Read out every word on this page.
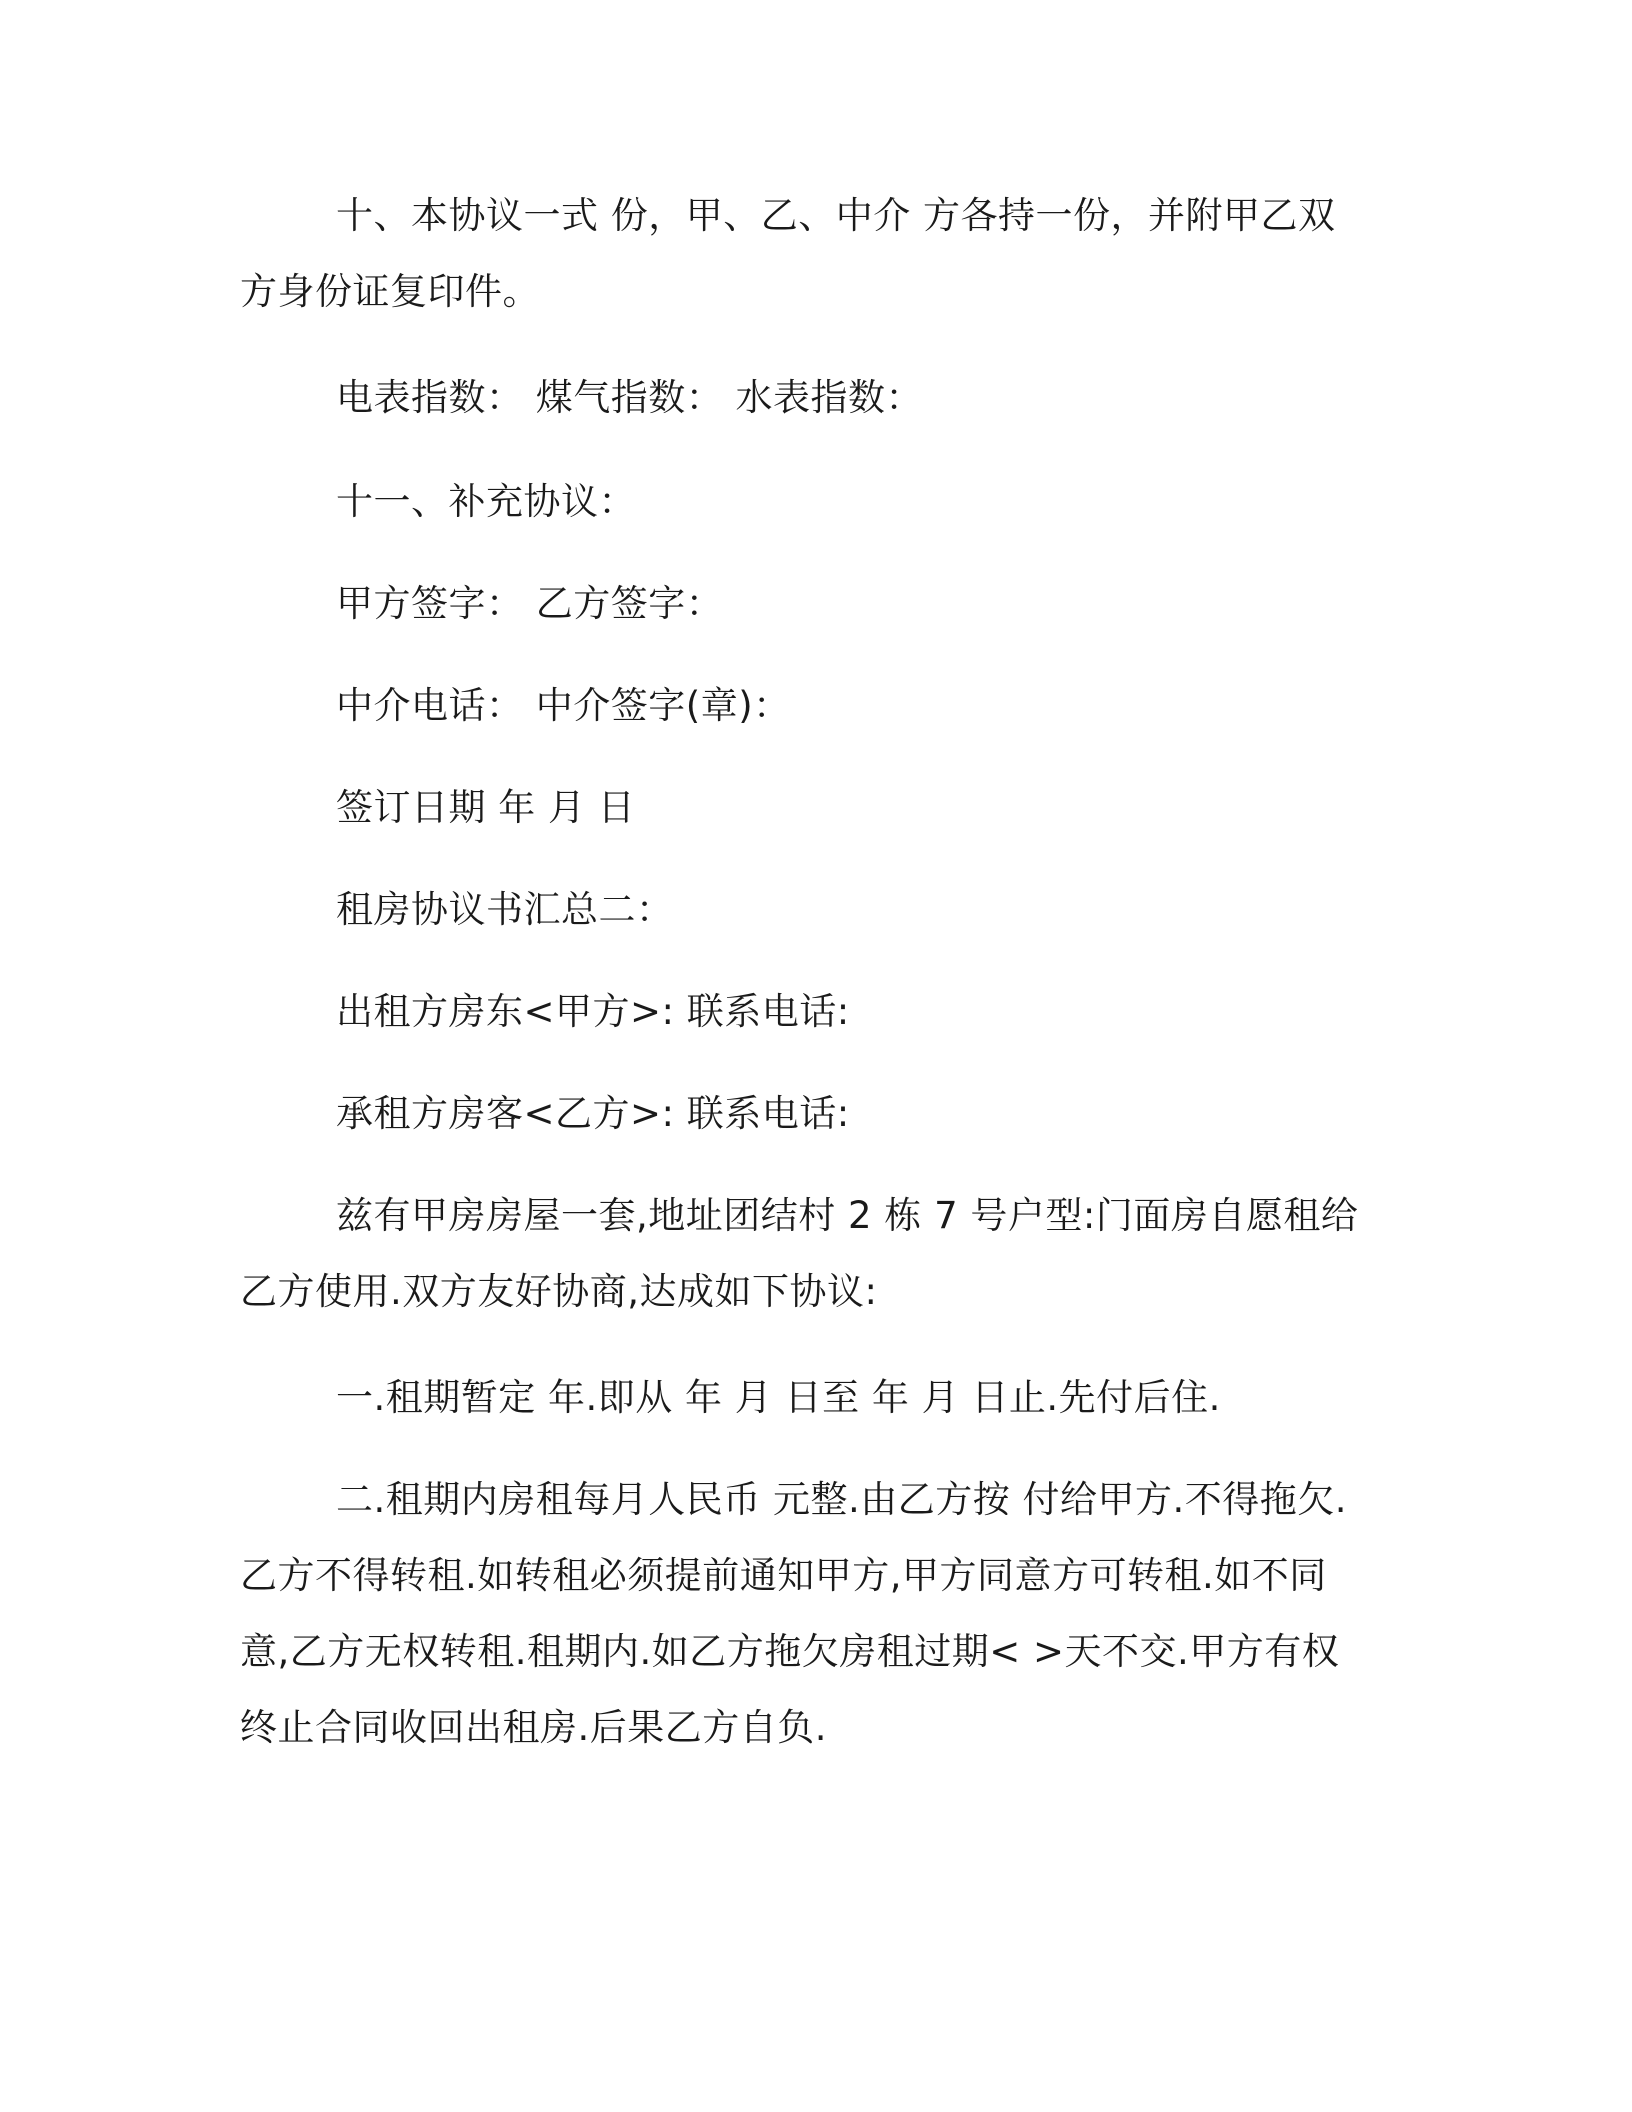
十、本协议一式 份，甲、乙、中介 方各持一份，并附甲乙双方身份证复印件。

电表指数： 煤气指数： 水表指数：

十一、补充协议：

甲方签字： 乙方签字：

中介电话： 中介签字(章)：

签订日期 年 月 日

租房协议书汇总二：

出租方房东<甲方>: 联系电话:

承租方房客<乙方>: 联系电话:

兹有甲房房屋一套,地址团结村 2 栋 7 号户型:门面房自愿租给乙方使用.双方友好协商,达成如下协议:

一.租期暂定 年.即从 年 月 日至 年 月 日止.先付后住.

二.租期内房租每月人民币 元整.由乙方按 付给甲方.不得拖欠.乙方不得转租.如转租必须提前通知甲方,甲方同意方可转租.如不同意,乙方无权转租.租期内.如乙方拖欠房租过期< >天不交.甲方有权终止合同收回出租房.后果乙方自负.
